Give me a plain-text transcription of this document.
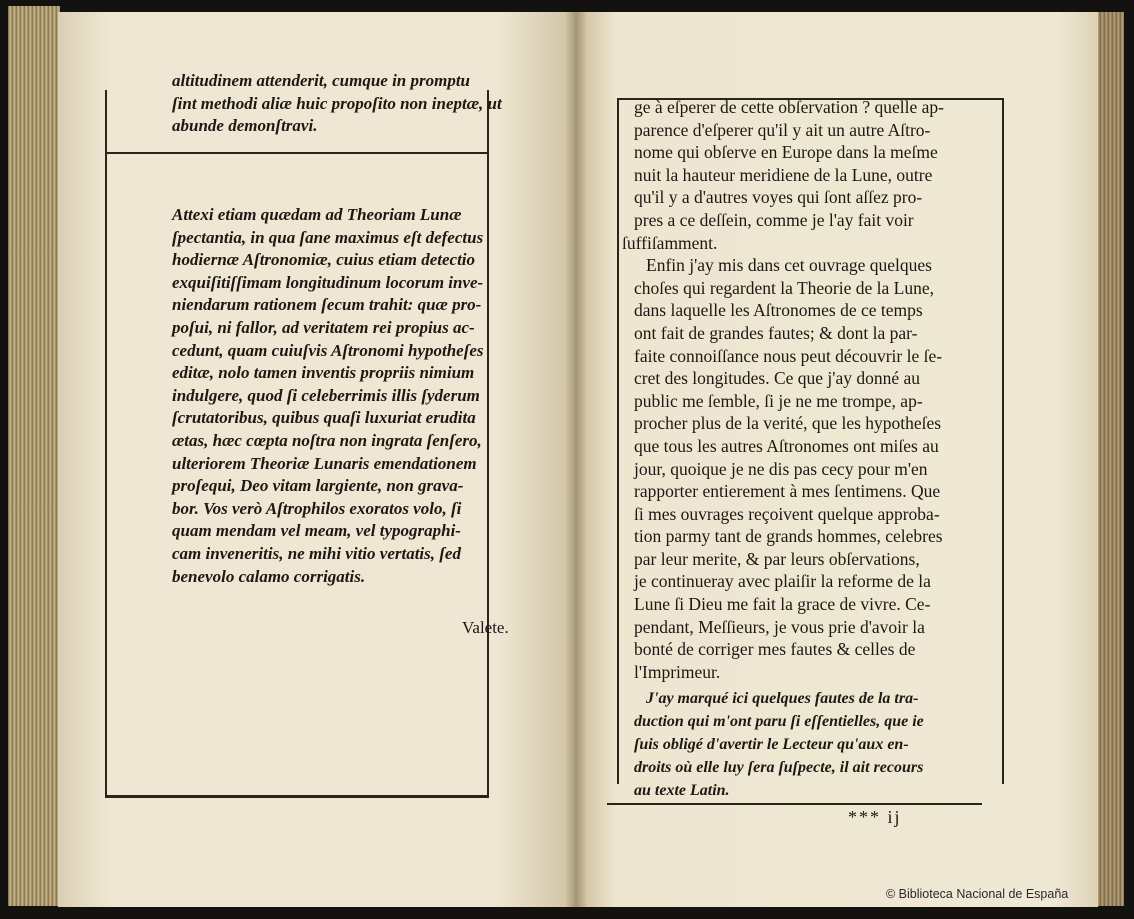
altitudinem attenderit, cumque in promptu
ſint methodi aliæ huic propoſito non ineptæ, ut
abunde demonſtravi.
Attexi etiam quædam ad Theoriam Lunæ
ſpectantia, in qua ſane maximus eſt defectus
hodiernæ Aſtronomiæ, cuius etiam detectio
exquiſitiſſimam longitudinum locorum inve-
niendarum rationem ſecum trahit: quæ pro-
poſui, ni fallor, ad veritatem rei propius ac-
cedunt, quam cuiuſvis Aſtronomi hypotheſes
editæ, nolo tamen inventis propriis nimium
indulgere, quod ſi celeberrimis illis ſyderum
ſcrutatoribus, quibus quaſi luxuriat erudita
ætas, hæc cœpta noſtra non ingrata ſenſero,
ulteriorem Theoriæ Lunaris emendationem
proſequi, Deo vitam largiente, non grava-
bor. Vos verò Aſtrophilos exoratos volo, ſi
quam mendam vel meam, vel typographi-
cam inveneritis, ne mihi vitio vertatis, ſed
benevolo calamo corrigatis.
Valete.
ge à eſperer de cette obſervation ? quelle ap-
parence d'eſperer qu'il y ait un autre Aſtro-
nome qui obſerve en Europe dans la meſme
nuit la hauteur meridiene de la Lune, outre
qu'il y a d'autres voyes qui ſont aſſez pro-
pres a ce deſſein, comme je l'ay fait voir
ſuffiſamment.
Enfin j'ay mis dans cet ouvrage quelques
choſes qui regardent la Theorie de la Lune,
dans laquelle les Aſtronomes de ce temps
ont fait de grandes fautes; & dont la par-
faite connoiſſance nous peut découvrir le ſe-
cret des longitudes. Ce que j'ay donné au
public me ſemble, ſi je ne me trompe, ap-
procher plus de la verité, que les hypotheſes
que tous les autres Aſtronomes ont miſes au
jour, quoique je ne dis pas cecy pour m'en
rapporter entierement à mes ſentimens. Que
ſi mes ouvrages reçoivent quelque approba-
tion parmy tant de grands hommes, celebres
par leur merite, & par leurs obſervations,
je continueray avec plaiſir la reforme de la
Lune ſi Dieu me fait la grace de vivre. Ce-
pendant, Meſſieurs, je vous prie d'avoir la
bonté de corriger mes fautes & celles de
l'Imprimeur.
J'ay marqué ici quelques fautes de la tra-
duction qui m'ont paru ſi eſſentielles, que ie
ſuis obligé d'avertir le Lecteur qu'aux en-
droits où elle luy ſera ſuſpecte, il ait recours
au texte Latin.
*** ij
© Biblioteca Nacional de España
